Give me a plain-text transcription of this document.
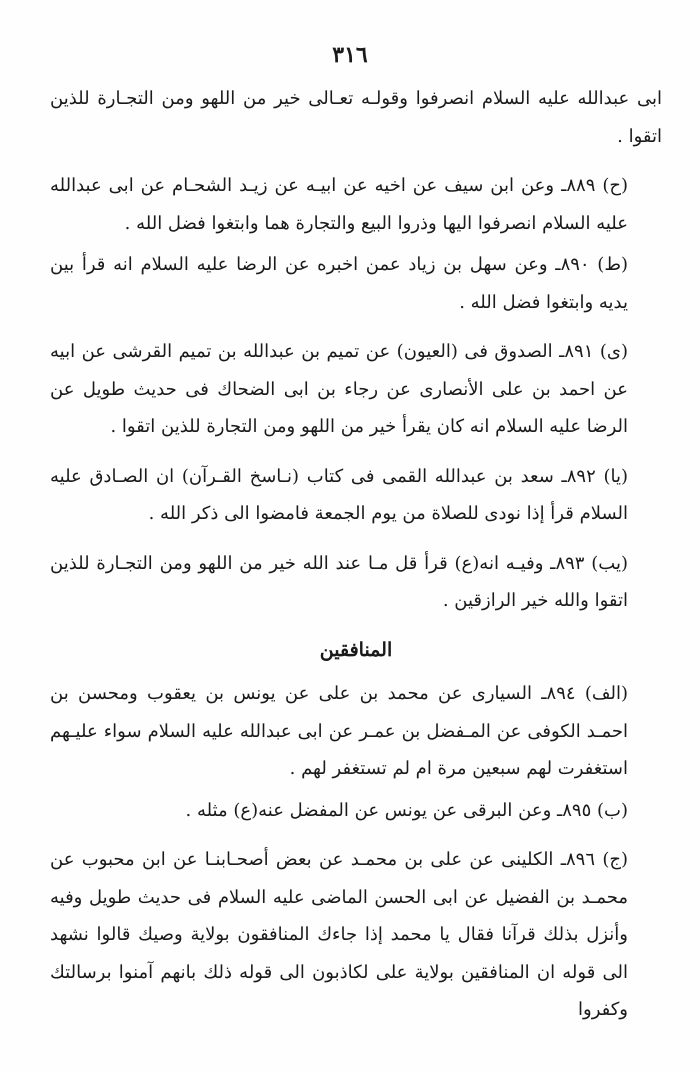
٣١٦

ابى عبدالله عليه السلام انصرفوا وقولـه تعـالى خير من اللهو ومن التجـارة للذين اتقوا .

(ح) ٨٨٩ـ وعن ابن سيف عن اخيه عن ابيـه عن زيـد الشحـام عن ابى عبدالله عليه السلام انصرفوا اليها وذروا البيع والتجارة هما وابتغوا فضل الله .

(ط) ٨٩٠ـ وعن سهل بن زياد عمن اخبره عن الرضا عليه السلام انه قرأ بين يديه وابتغوا فضل الله .

(ى) ٨٩١ـ الصدوق فى (العيون) عن تميم بن عبدالله بن تميم القرشى عن ابيه عن احمد بن على الأنصارى عن رجاء بن ابى الضحاك فى حديث طويل عن الرضا عليه السلام انه كان يقرأ خير من اللهو ومن التجارة للذين اتقوا .

(يا) ٨٩٢ـ سعد بن عبدالله القمى فى كتاب (نـاسخ القـرآن) ان الصـادق عليه السلام قرأ إذا نودى للصلاة من يوم الجمعة فامضوا الى ذكر الله .

(يب) ٨٩٣ـ وفيـه انه(ع) قرأ قل مـا عند الله خير من اللهو ومن التجـارة للذين اتقوا والله خير الرازقين .

المنافقين

(الف) ٨٩٤ـ السيارى عن محمد بن على عن يونس بن يعقوب ومحسن بن احمـد الكوفى عن المـفضل بن عمـر عن ابى عبدالله عليه السلام سواء عليـهم استغفرت لهم سبعين مرة ام لم تستغفر لهم .

(ب) ٨٩٥ـ وعن البرقى عن يونس عن المفضل عنه(ع) مثله .

(ج) ٨٩٦ـ الكلينى عن على بن محمـد عن بعض أصحـابنـا عن ابن محبوب عن محمـد بن الفضيل عن ابى الحسن الماضى عليه السلام فى حديث طويل وفيه وأنزل بذلك قرآنا فقال يا محمد إذا جاءك المنافقون بولاية وصيك قالوا نشهد الى قوله ان المنافقين بولاية على لكاذبون الى قوله ذلك بانهم آمنوا برسالتك وكفروا
